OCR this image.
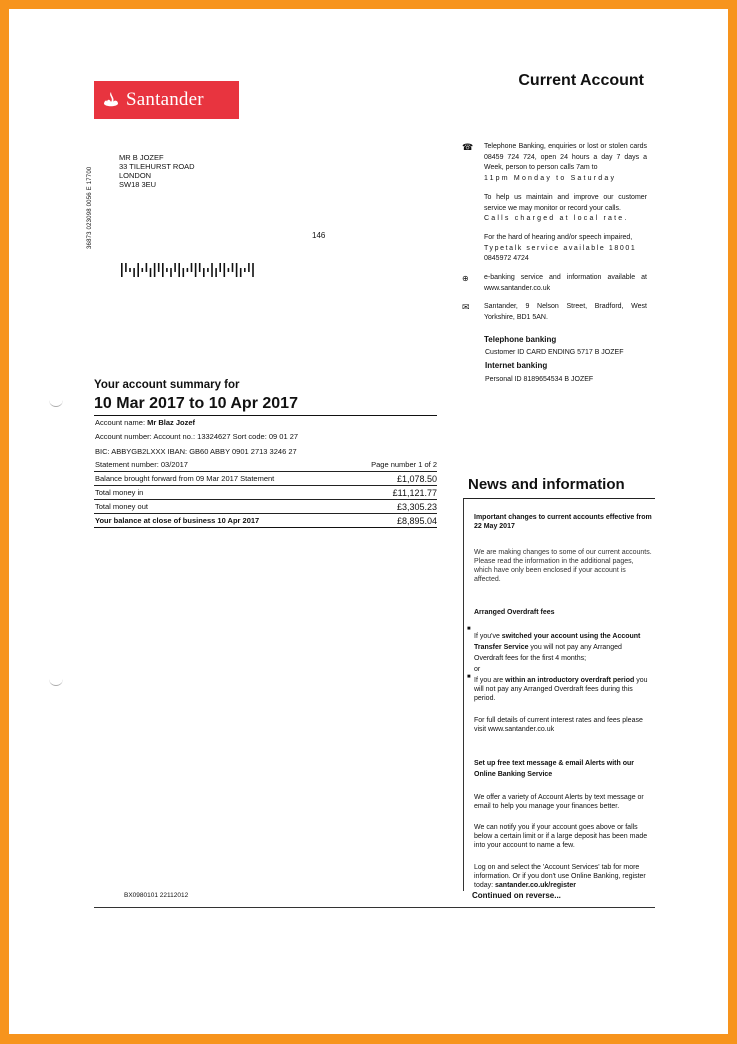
Santander
Current Account
36873 023098 0056 E 17700
MR B JOZEF
33 TILEHURST ROAD
LONDON
SW18 3EU
146
☎ Telephone Banking, enquiries or lost or stolen cards 08459 724 724, open 24 hours a day 7 days a Week, person to person calls 7am to
11pm Monday to Saturday
To help us maintain and improve our customer service we may monitor or record your calls.
Calls charged at local rate.
For the hard of hearing and/or speech impaired,
Typetalk service available 18001
0845972 4724
⊕ e-banking service and information available at www.santander.co.uk
✉ Santander, 9 Nelson Street, Bradford, West Yorkshire, BD1 5AN.
Telephone banking
Customer ID CARD ENDING 5717 B JOZEF
Internet banking
Personal ID 8189654534 B JOZEF
Your account summary for
10 Mar 2017 to 10 Apr 2017
Account name:
Mr Blaz Jozef
Account number: Account no.: 13324627 Sort code: 09 01 27
BIC: ABBYGB2LXXX IBAN: GB60 ABBY 0901 2713 3246 27
Statement number: 03/2017	Page number 1 of 2
Balance brought forward from 09 Mar 2017 Statement	£1,078.50
Total money in	£11,121.77
Total money out	£3,305.23
Your balance at close of business 10 Apr 2017	£8,895.04
News and information
Important changes to current accounts effective from 22 May 2017
We are making changes to some of our current accounts. Please read the information in the additional pages, which have only been enclosed if your account is affected.
Arranged Overdraft fees
■
If you've switched your account using the Account Transfer Service you will not pay any Arranged Overdraft fees for the first 4 months;
or
■ If you are within an introductory overdraft period you will not pay any Arranged Overdraft fees during this period.
For full details of current interest rates and fees please visit www.santander.co.uk
Set up free text message & email Alerts with our Online Banking Service
We offer a variety of Account Alerts by text message or email to help you manage your finances better.
We can notify you if your account goes above or falls below a certain limit or if a large deposit has been made into your account to name a few.
Log on and select the 'Account Services' tab for more information. Or if you don't use Online Banking, register today: santander.co.uk/register
BX0980101 22112012	Continued on reverse...
